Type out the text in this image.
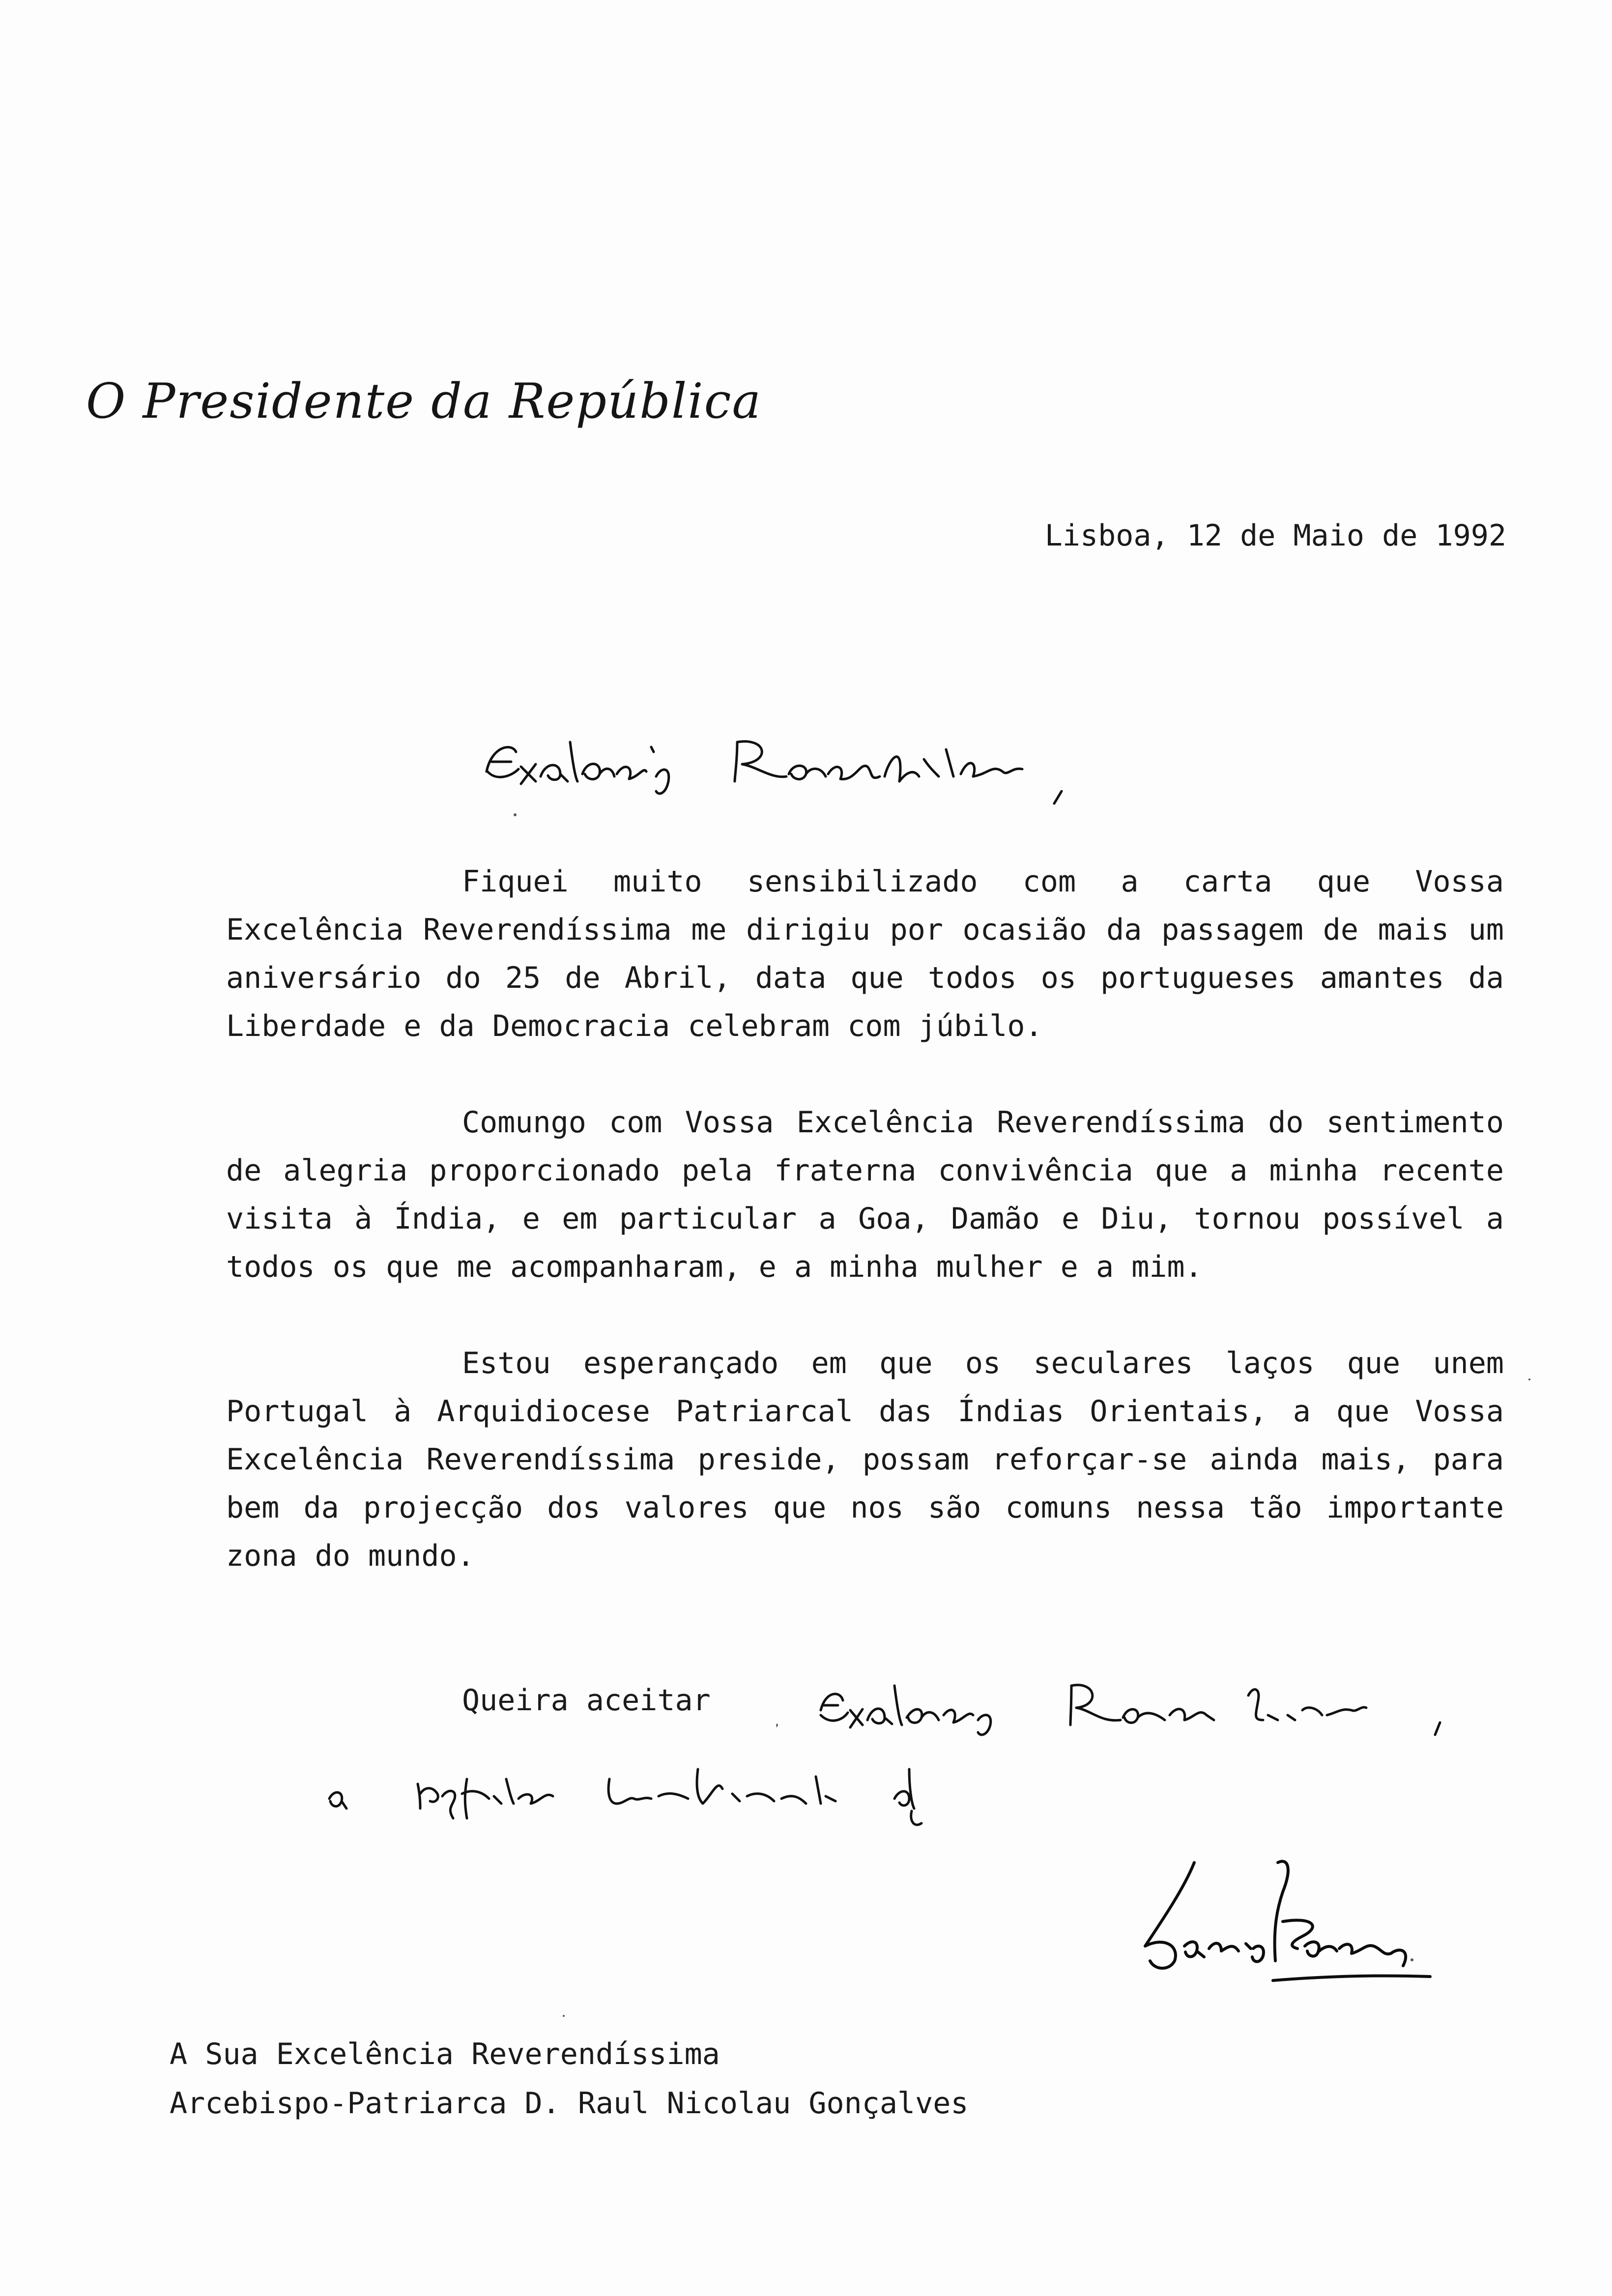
O Presidente da República
Lisboa, 12 de Maio de 1992

Fiquei muito sensibilizado com a carta que Vossa Excelência Reverendíssima me dirigiu por ocasião da passagem de mais um aniversário do 25 de Abril, data que todos os portugueses amantes da Liberdade e da Democracia celebram com júbilo.

Comungo com Vossa Excelência Reverendíssima do sentimento de alegria proporcionado pela fraterna convivência que a minha recente visita à Índia, e em particular a Goa, Damão e Diu, tornou possível a todos os que me acompanharam, e a minha mulher e a mim.

Estou esperançado em que os seculares laços que unem Portugal à Arquidiocese Patriarcal das Índias Orientais, a que Vossa Excelência Reverendíssima preside, possam reforçar-se ainda mais, para bem da projecção dos valores que nos são comuns nessa tão importante zona do mundo.

Queira aceitar
A Sua Excelência Reverendíssima
Arcebispo-Patriarca D. Raul Nicolau Gonçalves
